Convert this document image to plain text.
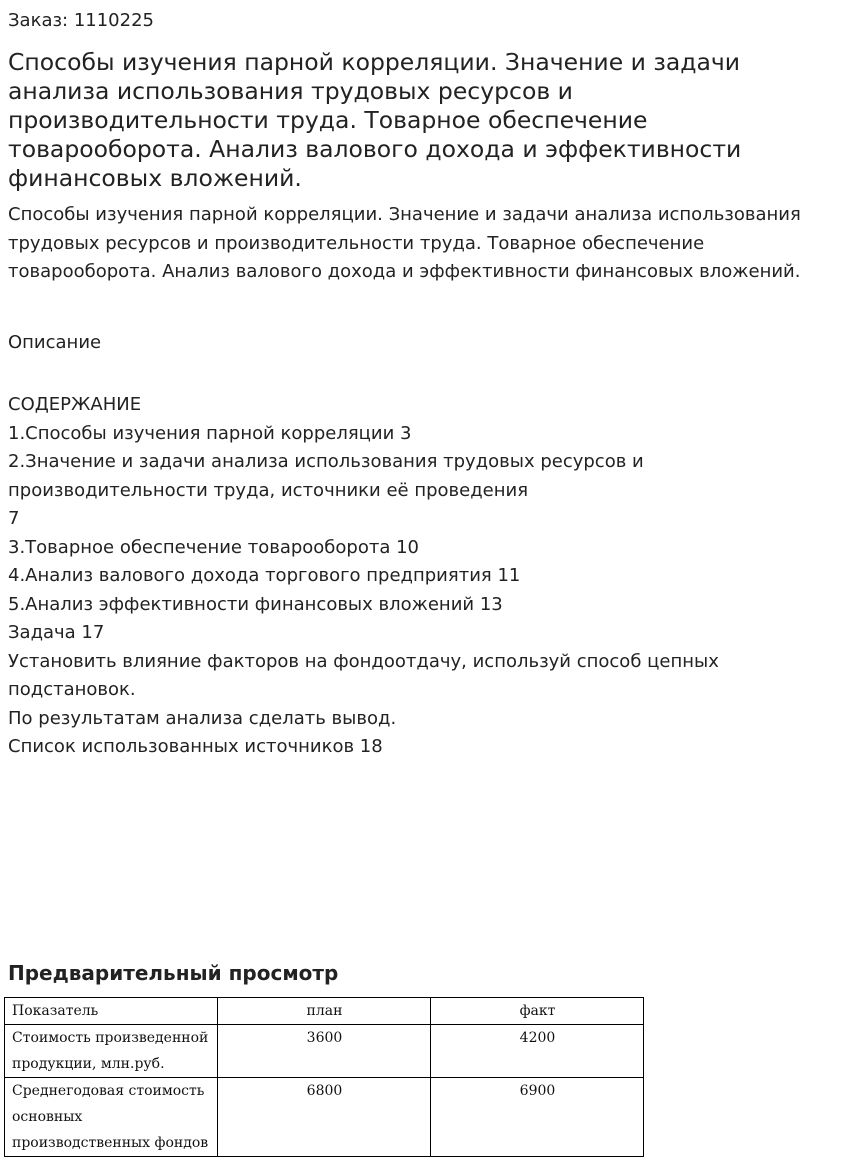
Заказ: 1110225
Способы изучения парной корреляции. Значение и задачи анализа использования трудовых ресурсов и производительности труда. Товарное обеспечение товарооборота. Анализ валового дохода и эффективности финансовых вложений.

Способы изучения парной корреляции. Значение и задачи анализа использования трудовых ресурсов и производительности труда. Товарное обеспечение товарооборота. Анализ валового дохода и эффективности финансовых вложений.

Описание
СОДЕРЖАНИЕ
1.Способы изучения парной корреляции 3
2.Значение и задачи анализа использования трудовых ресурсов и производительности труда, источники её проведения
7
3.Товарное обеспечение товарооборота 10
4.Анализ валового дохода торгового предприятия 11
5.Анализ эффективности финансовых вложений 13
Задача 17
Установить влияние факторов на фондоотдачу, используй способ цепных подстановок.
По результатам анализа сделать вывод.
Список использованных источников 18
Предварительный просмотр
Показатель	план	факт
Стоимость произведенной продукции, млн.руб.	3600	4200
Среднегодовая стоимость основных производственных фондов	6800	6900
